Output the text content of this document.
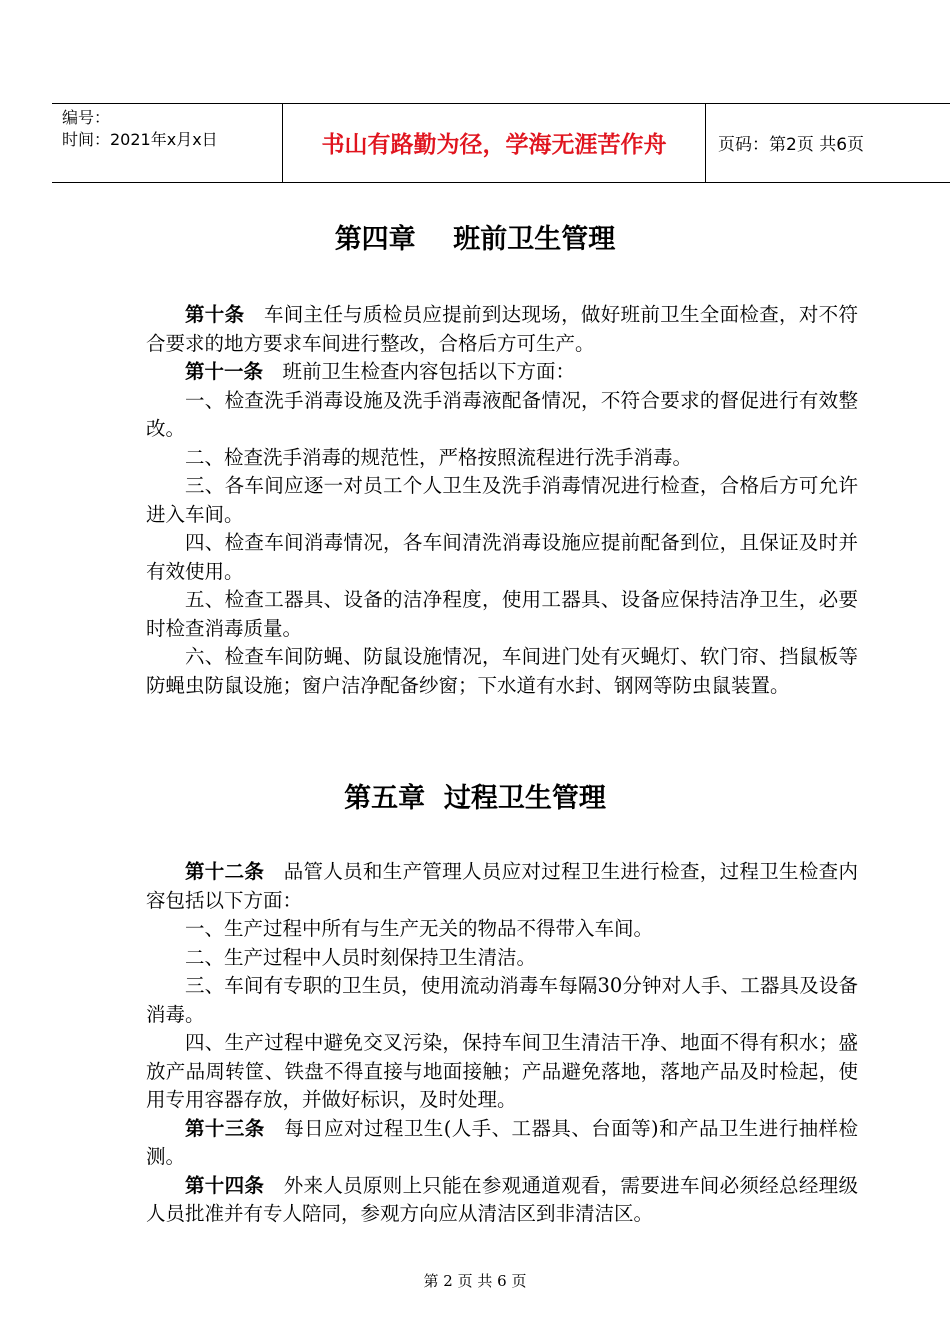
编号：
时间：2021年x月x日	书山有路勤为径，学海无涯苦作舟	页码：第2页 共6页
第四章    班前卫生管理

第十条 车间主任与质检员应提前到达现场，做好班前卫生全面检查，对不符合要求的地方要求车间进行整改，合格后方可生产。

第十一条 班前卫生检查内容包括以下方面：

一、检查洗手消毒设施及洗手消毒液配备情况，不符合要求的督促进行有效整改。

二、检查洗手消毒的规范性，严格按照流程进行洗手消毒。

三、各车间应逐一对员工个人卫生及洗手消毒情况进行检查，合格后方可允许进入车间。

四、检查车间消毒情况，各车间清洗消毒设施应提前配备到位，且保证及时并有效使用。

五、检查工器具、设备的洁净程度，使用工器具、设备应保持洁净卫生，必要时检查消毒质量。

六、检查车间防蝇、防鼠设施情况，车间进门处有灭蝇灯、软门帘、挡鼠板等防蝇虫防鼠设施；窗户洁净配备纱窗；下水道有水封、钢网等防虫鼠装置。

第五章  过程卫生管理

第十二条 品管人员和生产管理人员应对过程卫生进行检查，过程卫生检查内容包括以下方面：

一、生产过程中所有与生产无关的物品不得带入车间。

二、生产过程中人员时刻保持卫生清洁。

三、车间有专职的卫生员，使用流动消毒车每隔30分钟对人手、工器具及设备消毒。

四、生产过程中避免交叉污染，保持车间卫生清洁干净、地面不得有积水；盛放产品周转筐、铁盘不得直接与地面接触；产品避免落地，落地产品及时检起，使用专用容器存放，并做好标识，及时处理。

第十三条 每日应对过程卫生(人手、工器具、台面等)和产品卫生进行抽样检测。

第十四条 外来人员原则上只能在参观通道观看，需要进车间必须经总经理级人员批准并有专人陪同，参观方向应从清洁区到非清洁区。

第 2 页 共 6 页
